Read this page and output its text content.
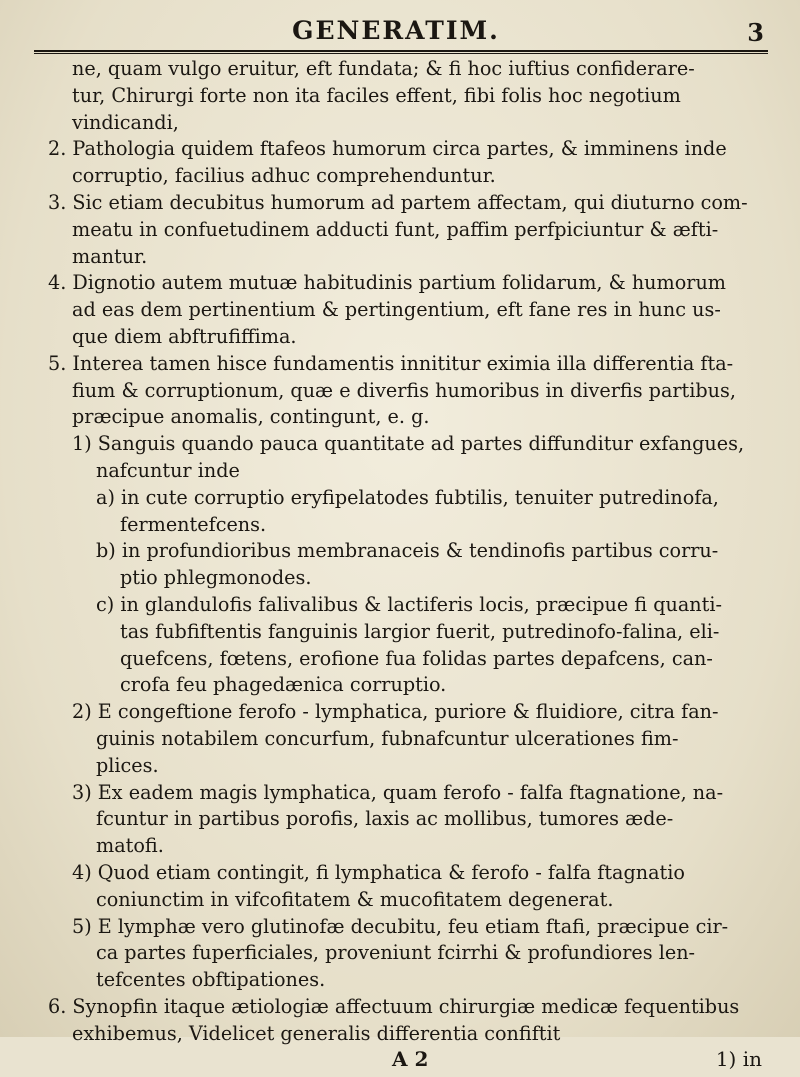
GENERATIM.	3
ne, quam vulgo eruitur, eft fundata; & fi hoc iuftius confiderare-
tur, Chirurgi forte non ita faciles effent, fibi folis hoc negotium
vindicandi,
2. Pathologia quidem ftafeos humorum circa partes, & imminens inde
corruptio, facilius adhuc comprehenduntur.
3. Sic etiam decubitus humorum ad partem affectam, qui diuturno com-
meatu in confuetudinem adducti funt, paffim perfpiciuntur & æfti-
mantur.
4. Dignotio autem mutuæ habitudinis partium folidarum, & humorum
ad eas dem pertinentium & pertingentium, eft fane res in hunc us-
que diem abftrufiffima.
5. Interea tamen hisce fundamentis innititur eximia illa differentia fta-
fium & corruptionum, quæ e diverfis humoribus in diverfis partibus,
præcipue anomalis, contingunt, e. g.
1) Sanguis quando pauca quantitate ad partes diffunditur exfangues,
nafcuntur inde
a) in cute corruptio eryfipelatodes fubtilis, tenuiter putredinofa,
fermentefcens.
b) in profundioribus membranaceis & tendinofis partibus corru-
ptio phlegmonodes.
c) in glandulofis falivalibus & lactiferis locis, præcipue fi quanti-
tas fubfiftentis fanguinis largior fuerit, putredinofo-falina, eli-
quefcens, fœtens, erofione fua folidas partes depafcens, can-
crofa feu phagedænica corruptio.
2) E congeftione ferofo - lymphatica, puriore & fluidiore, citra fan-
guinis notabilem concurfum, fubnafcuntur ulcerationes fim-
plices.
3) Ex eadem magis lymphatica, quam ferofo - falfa ftagnatione, na-
fcuntur in partibus porofis, laxis ac mollibus, tumores æde-
matofi.
4) Quod etiam contingit, fi lymphatica & ferofo - falfa ftagnatio
coniunctim in vifcofitatem & mucofitatem degenerat.
5) E lymphæ vero glutinofæ decubitu, feu etiam ftafi, præcipue cir-
ca partes fuperficiales, proveniunt fcirrhi & profundiores len-
tefcentes obftipationes.
6. Synopfin itaque ætiologiæ affectuum chirurgiæ medicæ fequentibus
exhibemus, Videlicet generalis differentia confiftit
A 2	1) in
